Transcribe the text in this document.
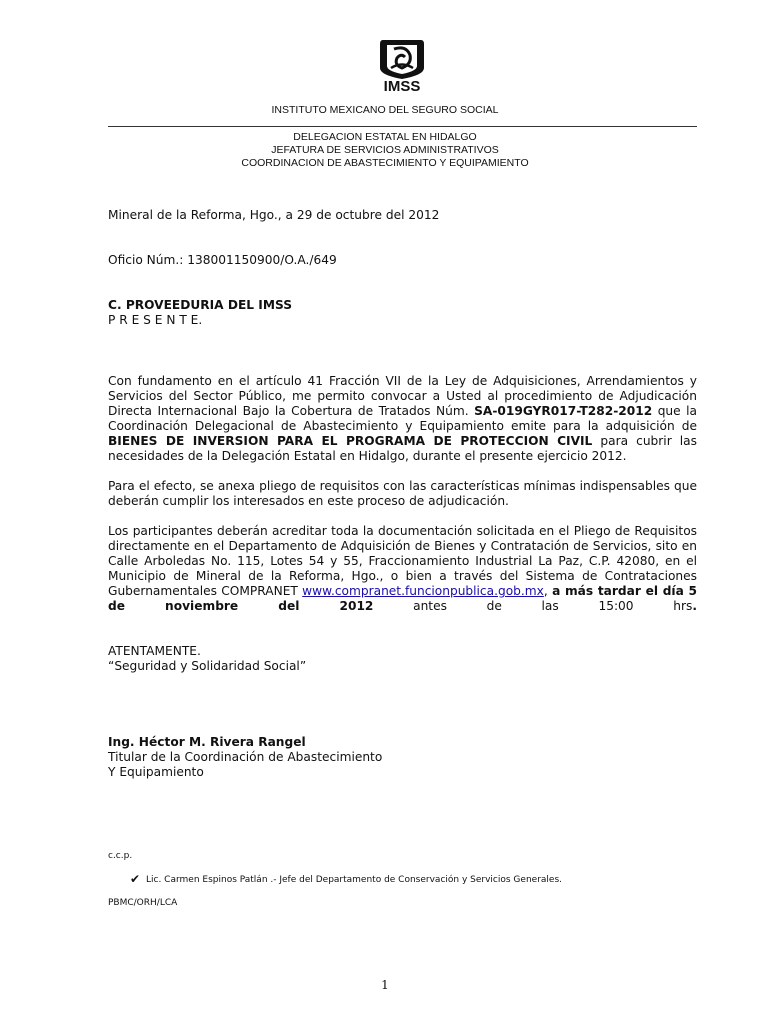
IMSS
INSTITUTO MEXICANO DEL SEGURO SOCIAL
DELEGACION ESTATAL EN HIDALGO
JEFATURA DE SERVICIOS ADMINISTRATIVOS
COORDINACION DE ABASTECIMIENTO Y EQUIPAMIENTO
Mineral de la Reforma, Hgo., a 29 de octubre del 2012
Oficio Núm.: 138001150900/O.A./649
C. PROVEEDURIA DEL IMSS
P R E S E N T E.

Con fundamento en el artículo 41 Fracción VII de la Ley de Adquisiciones, Arrendamientos y Servicios del Sector Público, me permito convocar a Usted al procedimiento de Adjudicación Directa Internacional Bajo la Cobertura de Tratados Núm. SA-019GYR017-T282-2012 que la Coordinación Delegacional de Abastecimiento y Equipamiento emite para la adquisición de BIENES DE INVERSION PARA EL PROGRAMA DE PROTECCION CIVIL para cubrir las necesidades de la Delegación Estatal en Hidalgo, durante el presente ejercicio 2012.

Para el efecto, se anexa pliego de requisitos con las características mínimas indispensables que deberán cumplir los interesados en este proceso de adjudicación.

Los participantes deberán acreditar toda la documentación solicitada en el Pliego de Requisitos directamente en el Departamento de Adquisición de Bienes y Contratación de Servicios, sito en Calle Arboledas No. 115, Lotes 54 y 55, Fraccionamiento Industrial La Paz, C.P. 42080, en el Municipio de Mineral de la Reforma, Hgo., o bien a través del Sistema de Contrataciones Gubernamentales COMPRANET www.compranet.funcionpublica.gob.mx, a más tardar el día 5 de noviembre del 2012 antes de las 15:00 hrs.

ATENTAMENTE.
“Seguridad y Solidaridad Social”
Ing. Héctor M. Rivera Rangel
Titular de la Coordinación de Abastecimiento
Y Equipamiento
c.c.p.
✔ Lic. Carmen Espinos Patlán .- Jefe del Departamento de Conservación y Servicios Generales.
PBMC/ORH/LCA
1
